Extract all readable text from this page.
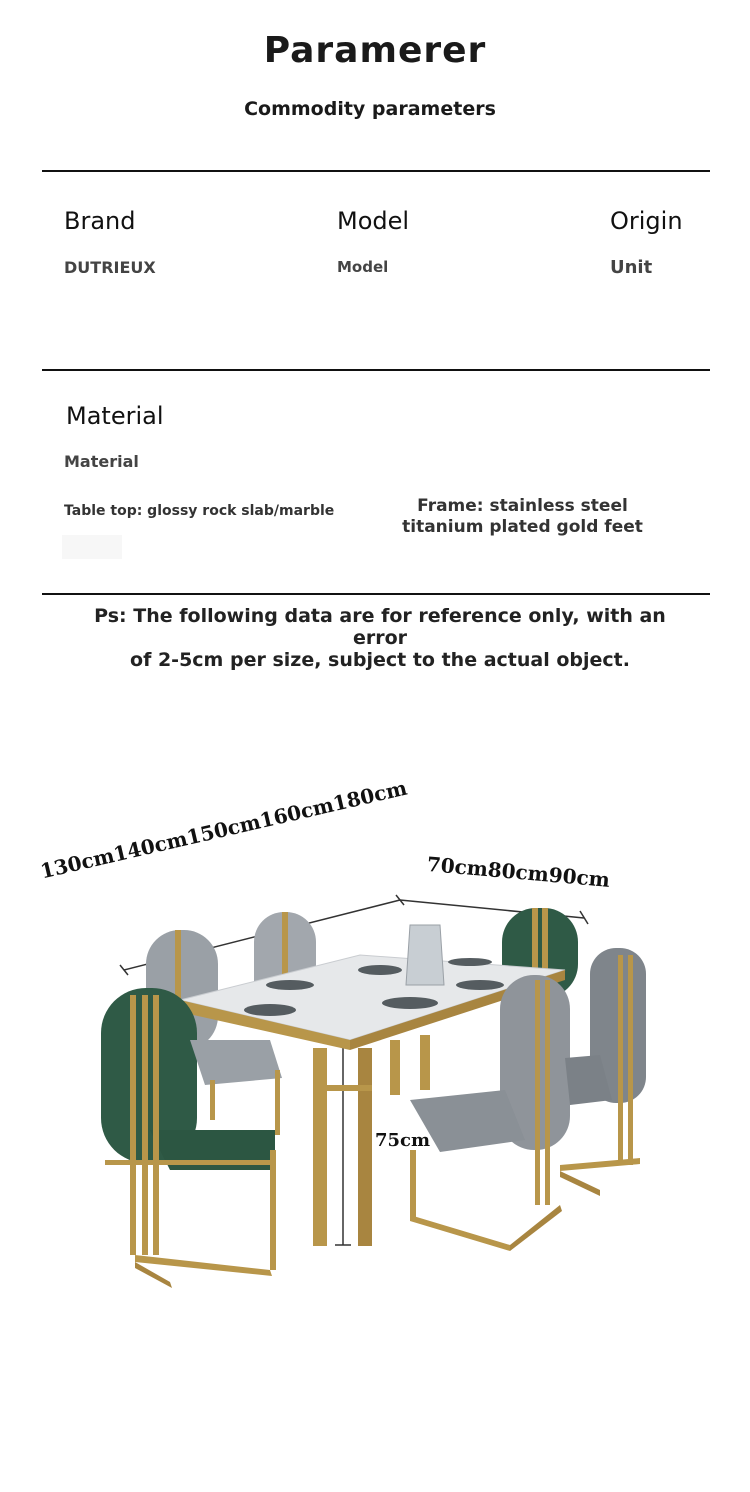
Paramerer
Commodity parameters
Brand
DUTRIEUX
Model
Model
Origin
Unit
Material
Material
Table top: glossy rock slab/marble	Frame: stainless steel
titanium plated gold feet
Ps: The following data are for reference only, with an error
of 2-5cm per size, subject to the actual object.
130cm140cm150cm160cm180cm 70cm80cm90cm
75cm
